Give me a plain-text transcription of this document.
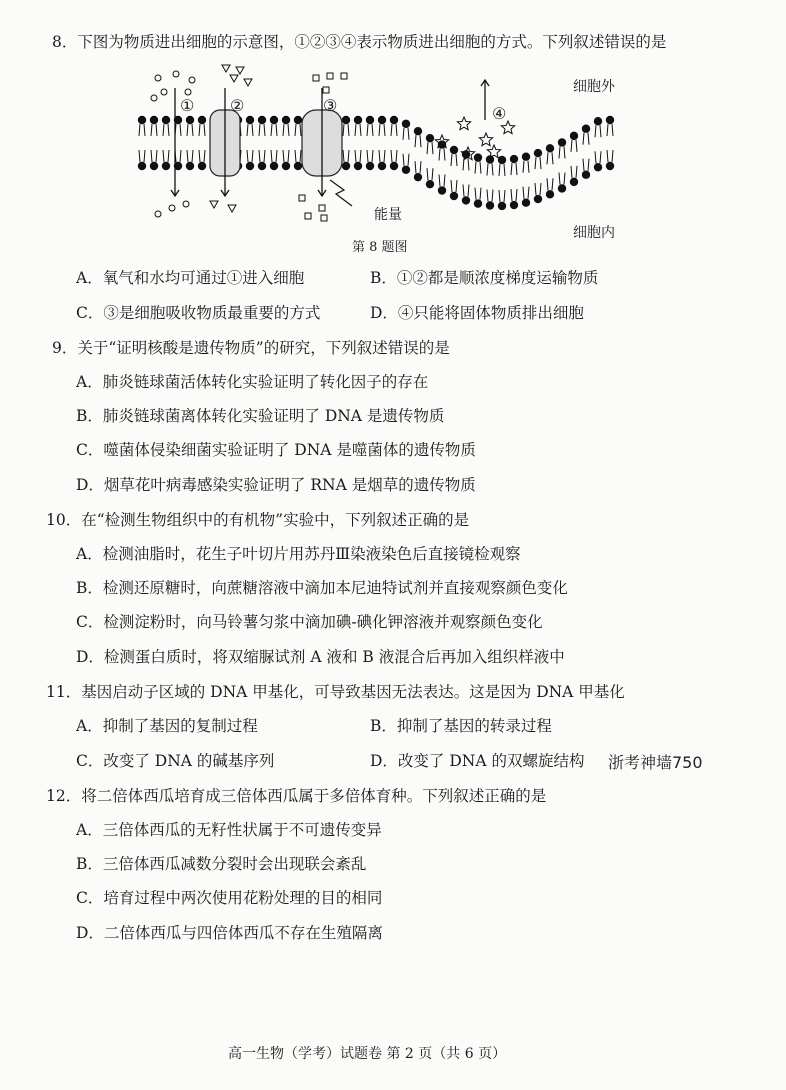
8．下图为物质进出细胞的示意图，①②③④表示物质进出细胞的方式。下列叙述错误的是
细胞外
细胞内
能量
① ②	③	④
第 8 题图
A．氧气和水均可通过①进入细胞	B．①②都是顺浓度梯度运输物质
C．③是细胞吸收物质最重要的方式	D．④只能将固体物质排出细胞
9．关于“证明核酸是遗传物质”的研究，下列叙述错误的是
A．肺炎链球菌活体转化实验证明了转化因子的存在
B．肺炎链球菌离体转化实验证明了 DNA 是遗传物质
C．噬菌体侵染细菌实验证明了 DNA 是噬菌体的遗传物质
D．烟草花叶病毒感染实验证明了 RNA 是烟草的遗传物质
10．在“检测生物组织中的有机物”实验中，下列叙述正确的是
A．检测油脂时，花生子叶切片用苏丹Ⅲ染液染色后直接镜检观察
B．检测还原糖时，向蔗糖溶液中滴加本尼迪特试剂并直接观察颜色变化
C．检测淀粉时，向马铃薯匀浆中滴加碘-碘化钾溶液并观察颜色变化
D．检测蛋白质时，将双缩脲试剂 A 液和 B 液混合后再加入组织样液中
11．基因启动子区域的 DNA 甲基化，可导致基因无法表达。这是因为 DNA 甲基化
A．抑制了基因的复制过程	B．抑制了基因的转录过程
C．改变了 DNA 的碱基序列	D．改变了 DNA 的双螺旋结构 浙考神墙750
12．将二倍体西瓜培育成三倍体西瓜属于多倍体育种。下列叙述正确的是
A．三倍体西瓜的无籽性状属于不可遗传变异
B．三倍体西瓜减数分裂时会出现联会紊乱
C．培育过程中两次使用花粉处理的目的相同
D．二倍体西瓜与四倍体西瓜不存在生殖隔离
高一生物（学考）试题卷 第 2 页（共 6 页）
